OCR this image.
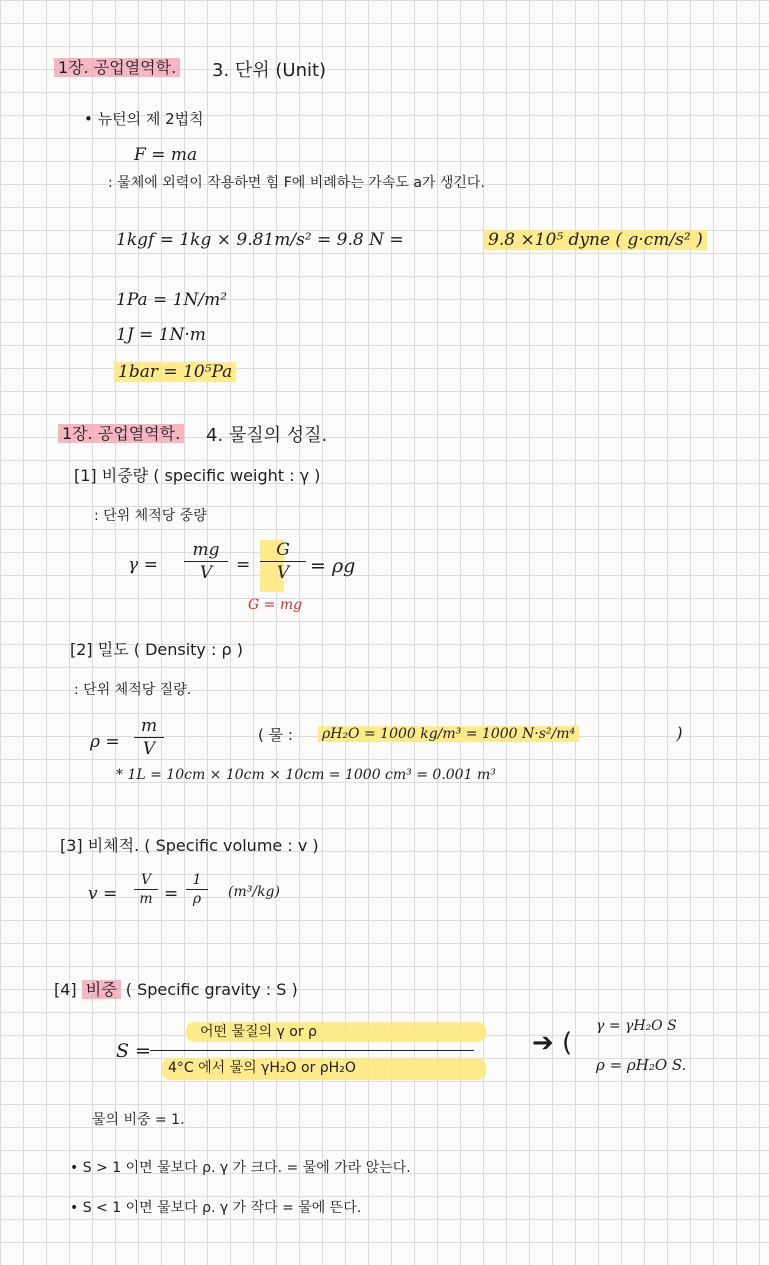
1장. 공업열역학. 3. 단위 (Unit)
• 뉴턴의 제 2법칙
F = ma
: 물체에 외력이 작용하면 힘 F에 비례하는 가속도 a가 생긴다.
1kgf = 1kg × 9.81m/s² = 9.8 N =	9.8 ×10⁵ dyne ( g·cm/s² )
1Pa = 1N/m²
1J = 1N·m
1bar = 10⁵Pa
1장. 공업열역학. 4. 물질의 성질.
[1] 비중량 ( specific weight : γ )
: 단위 체적당 중량
γ =
mg
V	=
G
V	= ρg
G = mg
[2] 밀도 ( Density : ρ )
: 단위 체적당 질량.
ρ =
m
V
( 물 : ρH₂O = 1000 kg/m³ = 1000 N·s²/m⁴	)
* 1L = 10cm × 10cm × 10cm = 1000 cm³ = 0.001 m³
[3] 비체적. ( Specific volume : v )
v =
V
m =
1
ρ	(m³/kg)
[4] 비중 ( Specific gravity : S )
S =
어떤 물질의 γ or ρ
4°C 에서 물의 γH₂O or ρH₂O
➔ (
γ = γH₂O S
ρ = ρH₂O S.
물의 비중 = 1.
• S > 1 이면 물보다 ρ. γ 가 크다. = 물에 가라 앉는다.
• S < 1 이면 물보다 ρ. γ 가 작다 = 물에 뜬다.
